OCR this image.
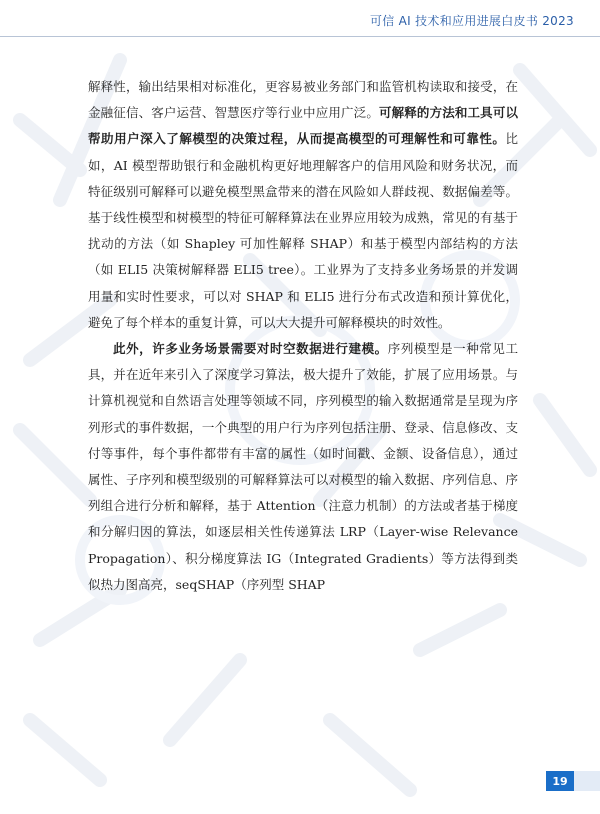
可信 AI 技术和应用进展白皮书 2023

解释性，输出结果相对标准化，更容易被业务部门和监管机构读取和接受，在金融征信、客户运营、智慧医疗等行业中应用广泛。可解释的方法和工具可以帮助用户深入了解模型的决策过程，从而提高模型的可理解性和可靠性。比如，AI 模型帮助银行和金融机构更好地理解客户的信用风险和财务状况，而特征级别可解释可以避免模型黑盒带来的潜在风险如人群歧视、数据偏差等。基于线性模型和树模型的特征可解释算法在业界应用较为成熟，常见的有基于扰动的方法（如 Shapley 可加性解释 SHAP）和基于模型内部结构的方法（如 ELI5 决策树解释器 ELI5 tree）。工业界为了支持多业务场景的并发调用量和实时性要求，可以对 SHAP 和 ELI5 进行分布式改造和预计算优化，避免了每个样本的重复计算，可以大大提升可解释模块的时效性。

此外，许多业务场景需要对时空数据进行建模。序列模型是一种常见工具，并在近年来引入了深度学习算法，极大提升了效能，扩展了应用场景。与计算机视觉和自然语言处理等领域不同，序列模型的输入数据通常是呈现为序列形式的事件数据，一个典型的用户行为序列包括注册、登录、信息修改、支付等事件，每个事件都带有丰富的属性（如时间戳、金额、设备信息），通过属性、子序列和模型级别的可解释算法可以对模型的输入数据、序列信息、序列组合进行分析和解释，基于 Attention（注意力机制）的方法或者基于梯度和分解归因的算法，如逐层相关性传递算法 LRP（Layer-wise Relevance Propagation）、积分梯度算法 IG（Integrated Gradients）等方法得到类似热力图高亮，seqSHAP（序列型 SHAP

19
